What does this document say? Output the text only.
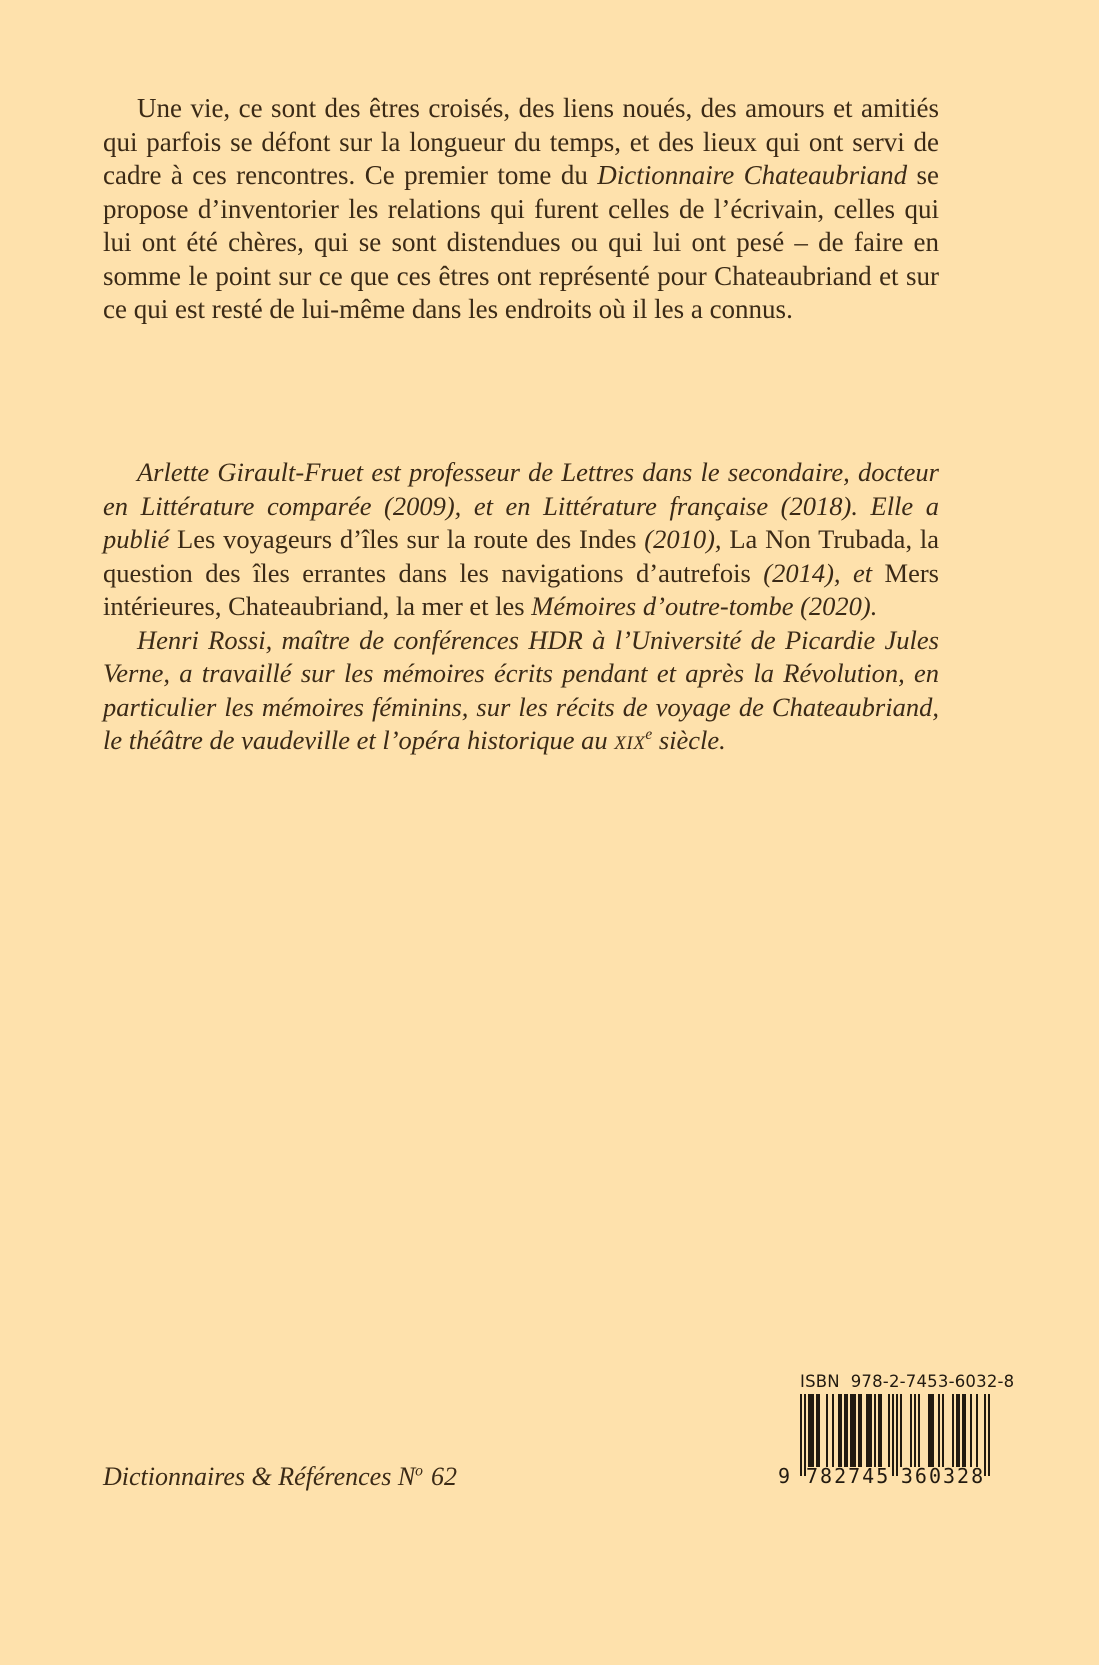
Une vie, ce sont des êtres croisés, des liens noués, des amours et amitiés qui parfois se défont sur la longueur du temps, et des lieux qui ont servi de cadre à ces rencontres. Ce premier tome du Dictionnaire Chateaubriand se propose d’inventorier les relations qui furent celles de l’écrivain, celles qui lui ont été chères, qui se sont distendues ou qui lui ont pesé – de faire en somme le point sur ce que ces êtres ont représenté pour Chateaubriand et sur ce qui est resté de lui-même dans les endroits où il les a connus.

Arlette Girault-Fruet est professeur de Lettres dans le secondaire, docteur en Littérature comparée (2009), et en Littérature française (2018). Elle a publié Les voyageurs d’îles sur la route des Indes (2010), La Non Trubada, la question des îles errantes dans les navigations d’autrefois (2014), et Mers intérieures, Chateaubriand, la mer et les Mémoires d’outre-tombe (2020).

Henri Rossi, maître de conférences HDR à l’Université de Picardie Jules Verne, a travaillé sur les mémoires écrits pendant et après la Révolution, en particulier les mémoires féminins, sur les récits de voyage de Chateaubriand, le théâtre de vaudeville et l’opéra historique au XIXe siècle.

Dictionnaires & Références $N^o$ 62
ISBN  978-2-7453-6032-8
9 782745 360328
